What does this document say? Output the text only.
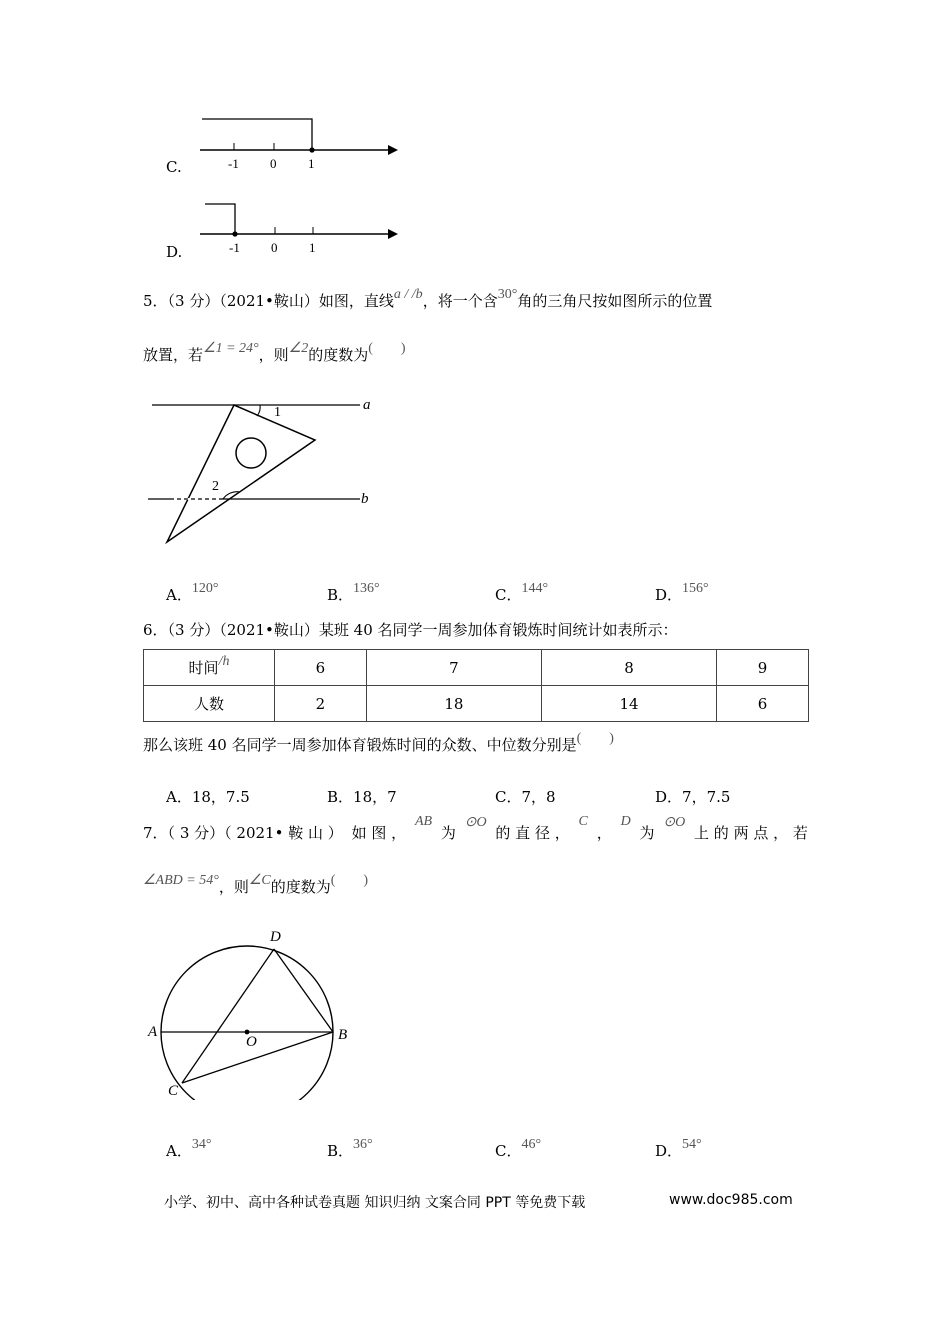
C.	-1 0 1
D.	-1 0 1
5．（3 分）（2021•鞍山）如图，直线a / /b，将一个含30°角的三角尺按如图所示的位置
放置，若∠1 = 24°，则∠2的度数为(　　)
a
b
1
2
A．120°	B．136°	C．144°	D．156°
6．（3 分）（2021•鞍山）某班 40 名同学一周参加体育锻炼时间统计如表所示：
时间/h	6	7	8	9
人数	2	18	14	6
那么该班 40 名同学一周参加体育锻炼时间的众数、中位数分别是(　　)
A．18，7.5	B．18，7	C．7，8	D．7，7.5
7．（ 3 分）（ 2021• 鞍 山 ） 如 图 ，
AB
为
⊙O
的 直 径 ，
C
，
D
为
⊙O
上 的 两 点 ， 若
∠ABD = 54°，则∠C的度数为(　　)
A	B
C
D
O
A．34°	B．36°	C．46°	D．54°
小学、初中、高中各种试卷真题 知识归纳 文案合同 PPT 等免费下载	www.doc985.com
